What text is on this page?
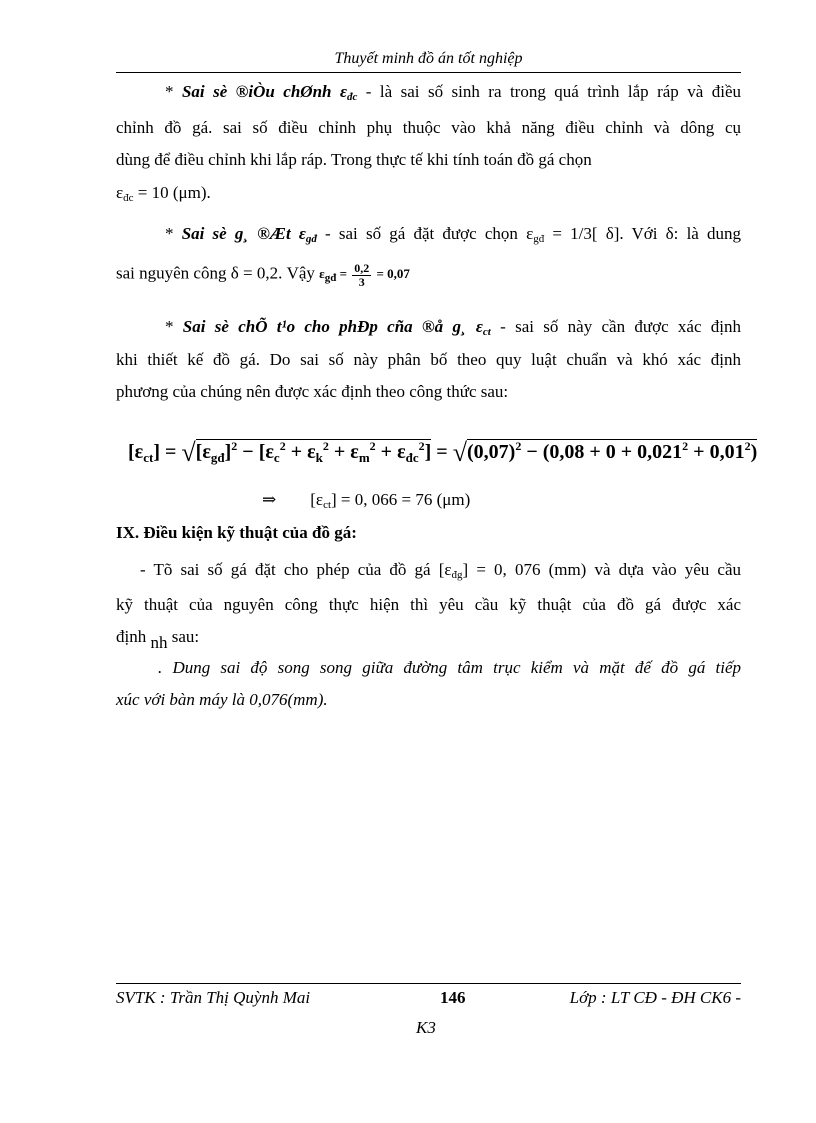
Thuyết minh đồ án tốt nghiệp
* Sai sè ®iÒu chØnh $\varepsilon_{đc}$ - là sai số sinh ra trong quá trình lắp ráp và điều
chỉnh đồ gá. sai số điều chỉnh phụ thuộc vào khả năng điều chỉnh và dông cụ
dùng để điều chỉnh khi lắp ráp. Trong thực tế khi tính toán đồ gá chọn
$\varepsilon_{đc} = 10$ (μm).
* Sai sè g¸ ®Æt $\varepsilon_{gđ}$ - sai số gá đặt được chọn $\varepsilon_{gđ} = 1/3$[ δ]. Với δ: là dung
sai nguyên công δ = 0,2. Vậy $\varepsilon_{gđ} = \frac{0,2}{3} = 0,07$
* Sai sè chÕ t¹o cho phÐp cña ®å g¸ $\varepsilon_{ct}$ - sai số này cần được xác định
khi thiết kế đồ gá. Do sai số này phân bố theo quy luật chuẩn và khó xác định
phương của chúng nên được xác định theo công thức sau:
$[\varepsilon_{ct}] = √[\varepsilon_{gđ}]^2 - [\varepsilon_c^2 + \varepsilon_k^2 + \varepsilon_m^2 + \varepsilon_{đc}^2] = √(0,07)^2 - (0,08 + 0 + 0,021^2 + 0,01^2)$
⇒ $[\varepsilon_{ct}] = 0$, 066 = 76 (μm)
IX. Điều kiện kỹ thuật của đồ gá:
- Tõ sai số gá đặt cho phép của đồ gá $[\varepsilon_{đg}] = 0$, 076 (mm) và dựa vào yêu cầu
kỹ thuật của nguyên công thực hiện thì yêu cầu kỹ thuật của đồ gá được xác
định nh sau:
. Dung sai độ song song giữa đường tâm trục kiểm và mặt đế đồ gá tiếp
xúc với bàn máy là 0,076(mm).
SVTK : Trần Thị Quỳnh Mai	146	Lớp : LT CĐ - ĐH CK6 -
K3
